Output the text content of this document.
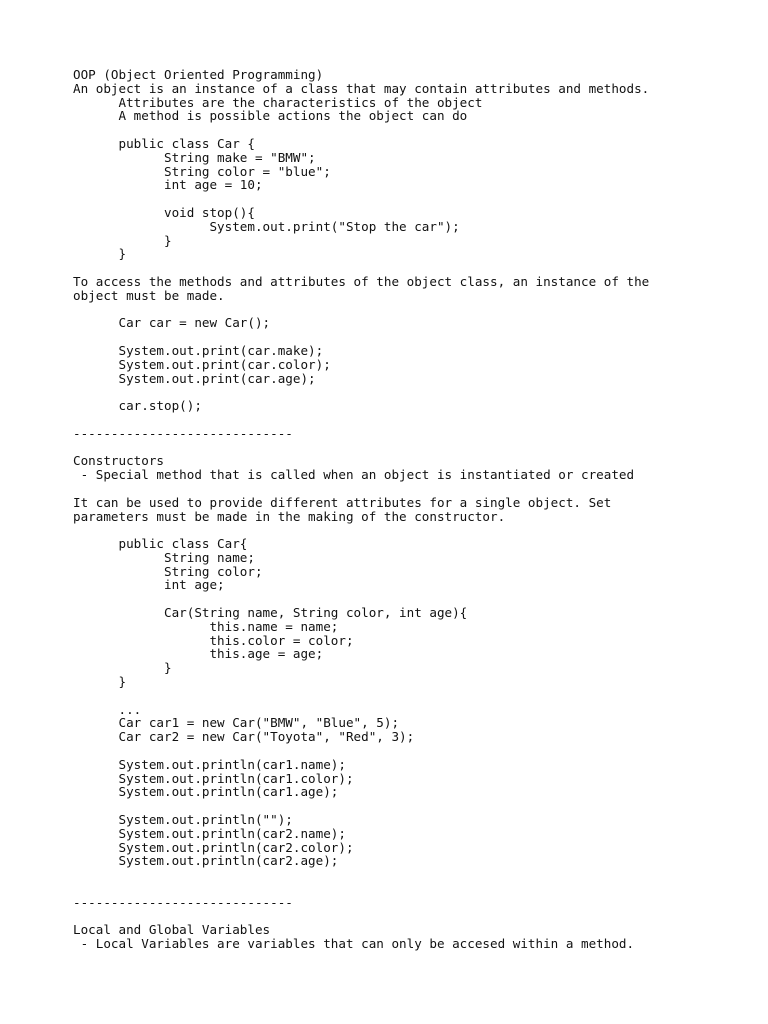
OOP (Object Oriented Programming)
An object is an instance of a class that may contain attributes and methods.
Attributes are the characteristics of the object
A method is possible actions the object can do
public class Car {
String make = "BMW";
String color = "blue";
int age = 10;
void stop(){
System.out.print("Stop the car");
}
}
To access the methods and attributes of the object class, an instance of the
object must be made.
Car car = new Car();
System.out.print(car.make);
System.out.print(car.color);
System.out.print(car.age);
car.stop();
-----------------------------
Constructors
- Special method that is called when an object is instantiated or created
It can be used to provide different attributes for a single object. Set
parameters must be made in the making of the constructor.
public class Car{
String name;
String color;
int age;
Car(String name, String color, int age){
this.name = name;
this.color = color;
this.age = age;
}
}
...
Car car1 = new Car("BMW", "Blue", 5);
Car car2 = new Car("Toyota", "Red", 3);
System.out.println(car1.name);
System.out.println(car1.color);
System.out.println(car1.age);
System.out.println("");
System.out.println(car2.name);
System.out.println(car2.color);
System.out.println(car2.age);
-----------------------------
Local and Global Variables
- Local Variables are variables that can only be accesed within a method.
